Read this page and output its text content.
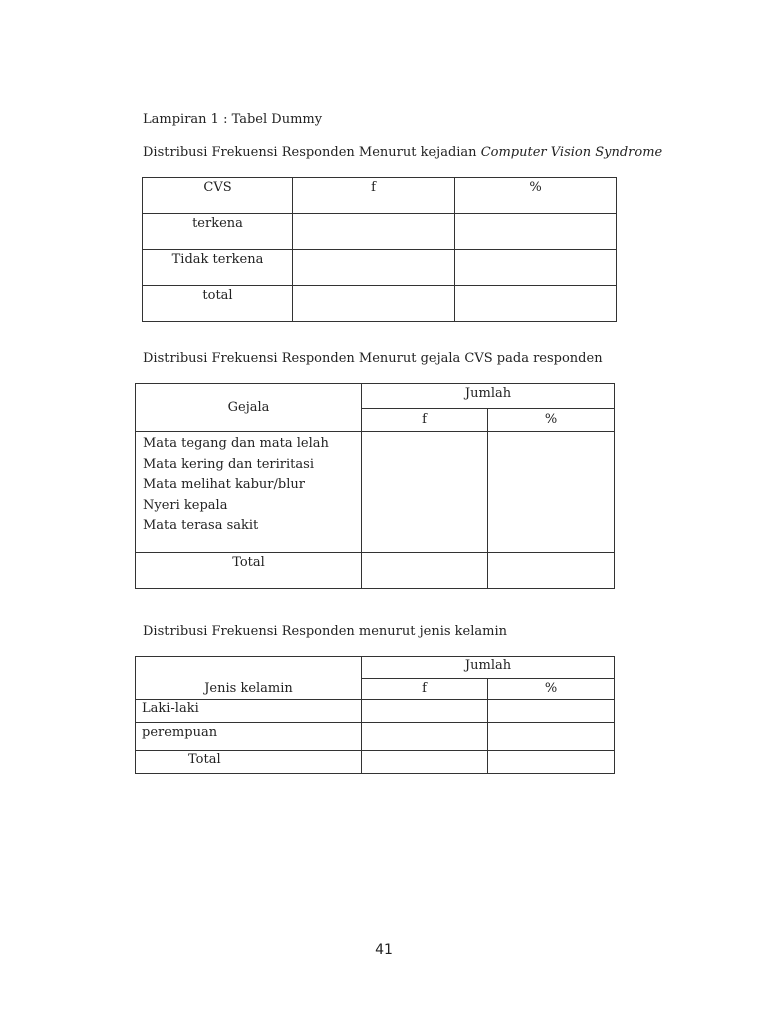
Lampiran 1 : Tabel Dummy
Distribusi Frekuensi Responden Menurut kejadian Computer Vision Syndrome
CVS	f	%
terkena		
Tidak terkena		
total		
Distribusi Frekuensi Responden Menurut gejala CVS pada responden
Gejala	Jumlah	
	f	%

Mata tegang dan mata lelah
Mata kering dan teriritasi
Mata melihat kabur/blur
Nyeri kepala
Mata terasa sakit		

Total		
Distribusi Frekuensi Responden menurut jenis kelamin
Jenis kelamin	Jumlah	
	f	%
Laki-laki		
perempuan		
Total		
41
